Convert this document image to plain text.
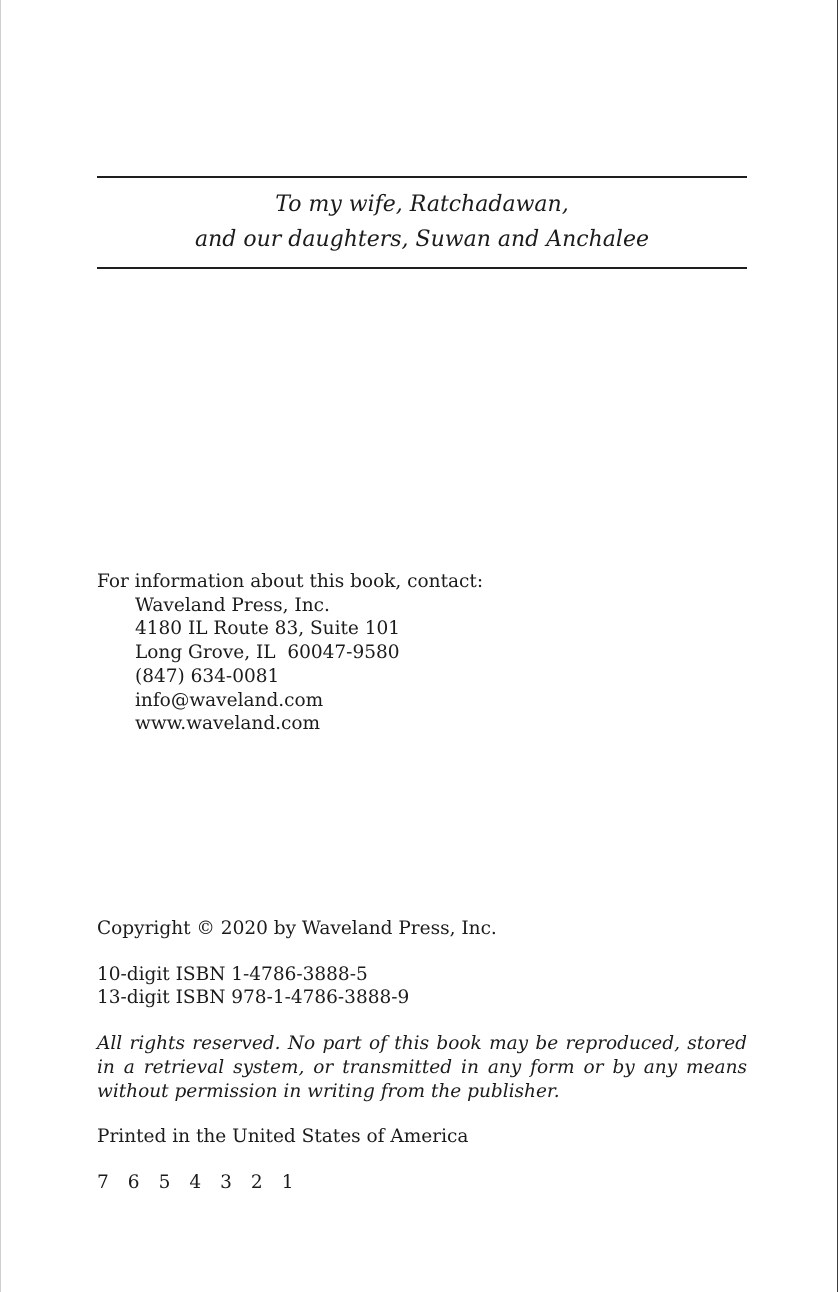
To my wife, Ratchadawan,
and our daughters, Suwan and Anchalee
For information about this book, contact:
Waveland Press, Inc.
4180 IL Route 83, Suite 101
Long Grove, IL  60047-9580
(847) 634-0081
info@waveland.com
www.waveland.com

Copyright © 2020 by Waveland Press, Inc.

10-digit ISBN 1-4786-3888-5

13-digit ISBN 978-1-4786-3888-9

All rights reserved. No part of this book may be reproduced, stored in a retrieval system, or transmitted in any form or by any means without permission in writing from the publisher.

Printed in the United States of America

7 6 5 4 3 2 1
